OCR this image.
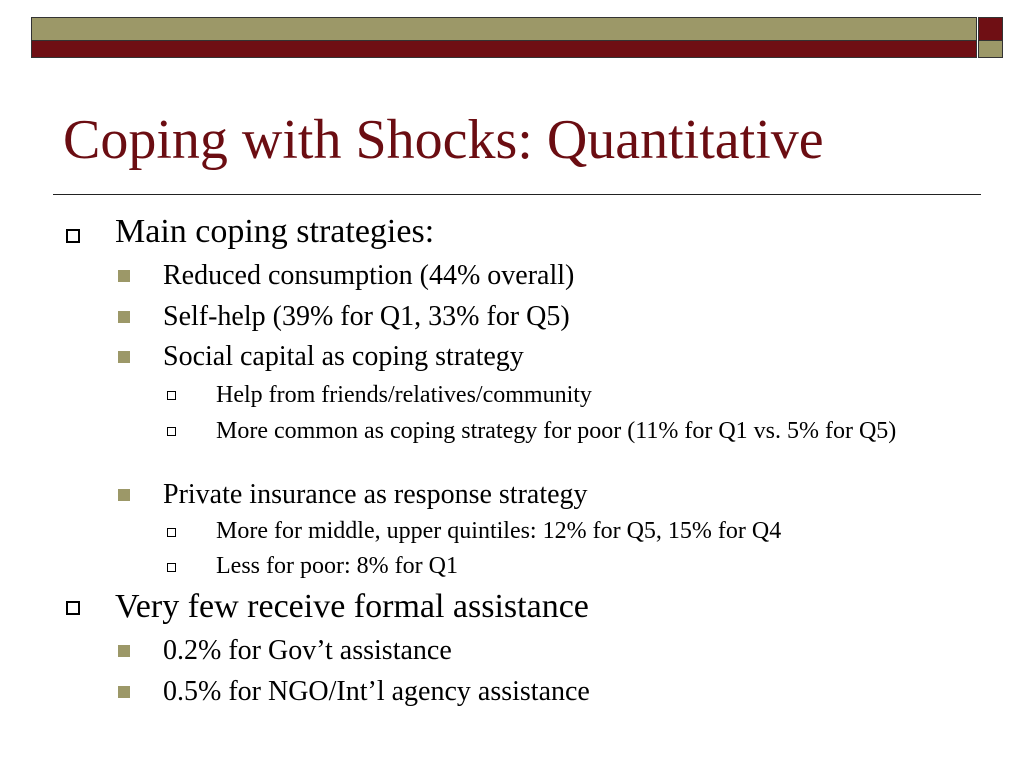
Coping with Shocks: Quantitative
Main coping strategies:
Reduced consumption (44% overall)
Self-help (39% for Q1, 33% for Q5)
Social capital as coping strategy
Help from friends/relatives/community
More common as coping strategy for poor (11% for Q1 vs. 5% for Q5)
Private insurance as response strategy
More for middle, upper quintiles: 12% for Q5, 15% for Q4
Less for poor: 8% for Q1
Very few receive formal assistance
0.2% for Gov’t assistance
0.5% for NGO/Int’l agency assistance
